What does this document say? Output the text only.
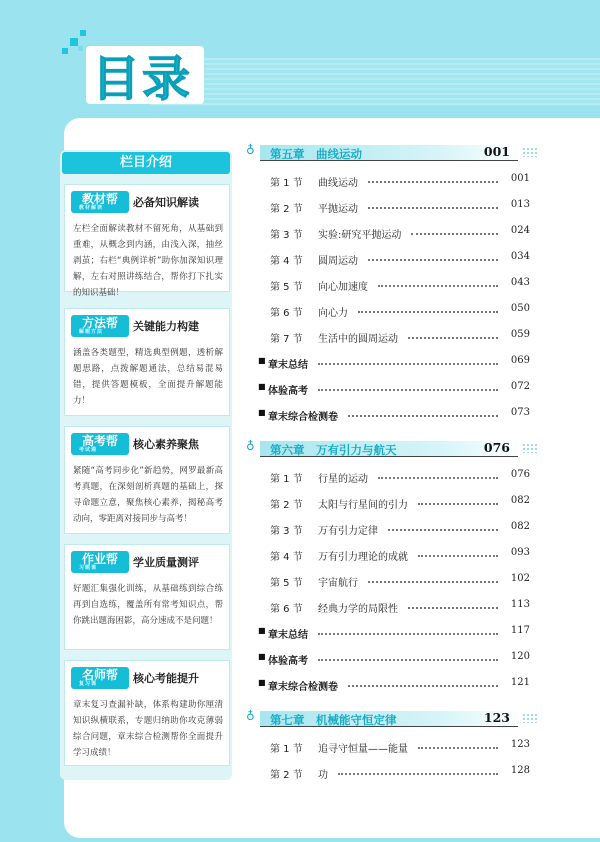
目录
栏目介绍
教材帮
教材解读	必备知识解读
左栏全面解读教材不留死角，从基础到重难，从概念到内涵，由浅入深，抽丝剥茧；右栏“典例详析”助你加深知识理解，左右对照讲练结合，帮你打下扎实的知识基础！
方法帮
解题方法	关键能力构建
涵盖各类题型，精选典型例题，透析解题思路，点拨解题通法，总结易混易错，提供答题模板，全面提升解题能力！
高考帮
考试通	核心素养聚焦
紧随“高考同步化”新趋势，网罗最新高考真题，在深刻剖析真题的基础上，探寻命题立意，聚焦核心素养，揭秘高考动向，零距离对接同步与高考！
作业帮
习题课	学业质量测评
好题汇集强化训练，从基础练到综合练再到自选练，覆盖所有常考知识点，帮你跳出题海困影，高分速成不是问题！
名师帮
复习课	核心考能提升
章末复习查漏补缺，体系构建助你厘清知识纵横联系，专题归纳助你攻克薄弱综合问题，章末综合检测帮你全面提升学习成绩！
♁	第五章　曲线运动	001
第 1 节 曲线运动	001
第 2 节 平抛运动	013
第 3 节 实验:研究平抛运动	024
第 4 节 圆周运动	034
第 5 节 向心加速度	043
第 6 节 向心力	050
第 7 节 生活中的圆周运动	059
■ 章末总结	069
■ 体验高考	072
■ 章末综合检测卷	073
♁	第六章　万有引力与航天	076
第 1 节 行星的运动	076
第 2 节 太阳与行星间的引力	082
第 3 节 万有引力定律	082
第 4 节 万有引力理论的成就	093
第 5 节 宇宙航行	102
第 6 节 经典力学的局限性	113
■ 章末总结	117
■ 体验高考	120
■ 章末综合检测卷	121
♁	第七章　机械能守恒定律	123
第 1 节 追寻守恒量——能量	123
第 2 节 功	128
